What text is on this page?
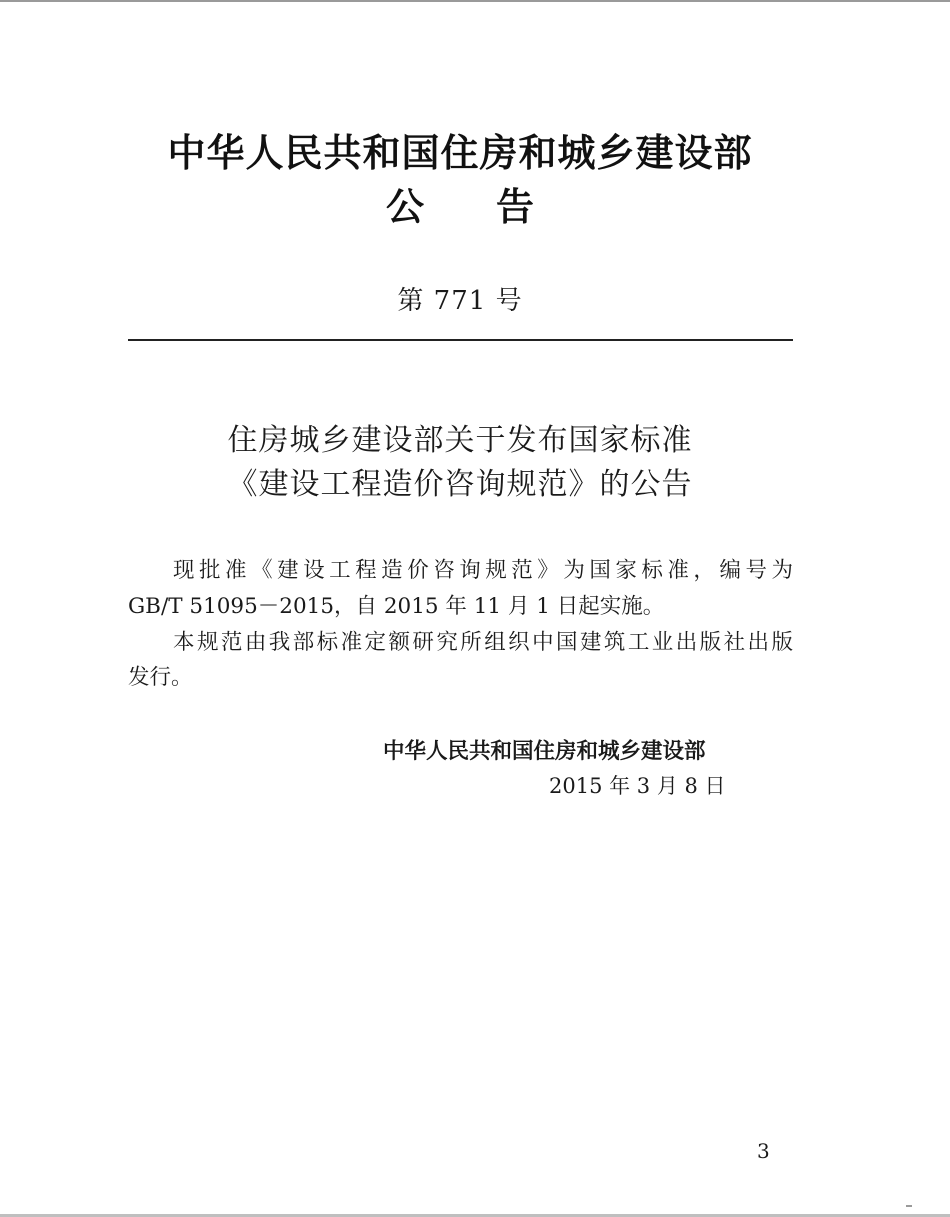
中华人民共和国住房和城乡建设部
公告
第 771 号
住房城乡建设部关于发布国家标准
《建设工程造价咨询规范》的公告
现批准《建设工程造价咨询规范》为国家标准，编号为
GB/T 51095－2015，自 2015 年 11 月 1 日起实施。
本规范由我部标准定额研究所组织中国建筑工业出版社出版
发行。
中华人民共和国住房和城乡建设部
2015 年 3 月 8 日
3
